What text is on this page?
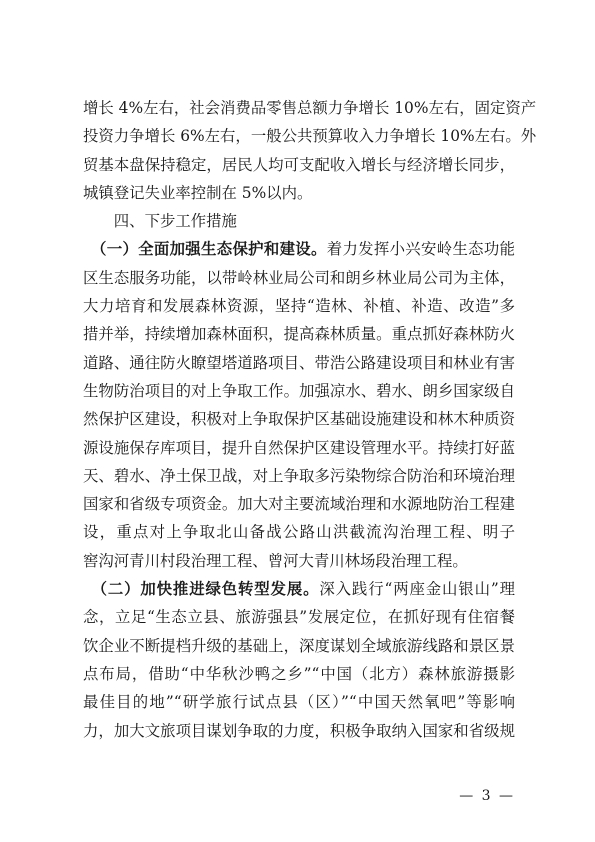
增长 4%左右，社会消费品零售总额力争增长 10%左右，固定资产
投资力争增长 6%左右，一般公共预算收入力争增长 10%左右。外
贸基本盘保持稳定，居民人均可支配收入增长与经济增长同步，
城镇登记失业率控制在 5%以内。
　　四、下步工作措施
　（一）全面加强生态保护和建设。着力发挥小兴安岭生态功能
区生态服务功能，以带岭林业局公司和朗乡林业局公司为主体，
大力培育和发展森林资源，坚持“造林、补植、补造、改造”多
措并举，持续增加森林面积，提高森林质量。重点抓好森林防火
道路、通往防火瞭望塔道路项目、带浩公路建设项目和林业有害
生物防治项目的对上争取工作。加强凉水、碧水、朗乡国家级自
然保护区建设，积极对上争取保护区基础设施建设和林木种质资
源设施保存库项目，提升自然保护区建设管理水平。持续打好蓝
天、碧水、净土保卫战，对上争取多污染物综合防治和环境治理
国家和省级专项资金。加大对主要流域治理和水源地防治工程建
设，重点对上争取北山备战公路山洪截流沟治理工程、明子
窖沟河青川村段治理工程、曾河大青川林场段治理工程。
　（二）加快推进绿色转型发展。深入践行“两座金山银山”理
念，立足“生态立县、旅游强县”发展定位，在抓好现有住宿餐
饮企业不断提档升级的基础上，深度谋划全域旅游线路和景区景
点布局，借助“中华秋沙鸭之乡”“中国（北方）森林旅游摄影
最佳目的地”“研学旅行试点县（区）”“中国天然氧吧”等影响
力，加大文旅项目谋划争取的力度，积极争取纳入国家和省级规
— 3 —
